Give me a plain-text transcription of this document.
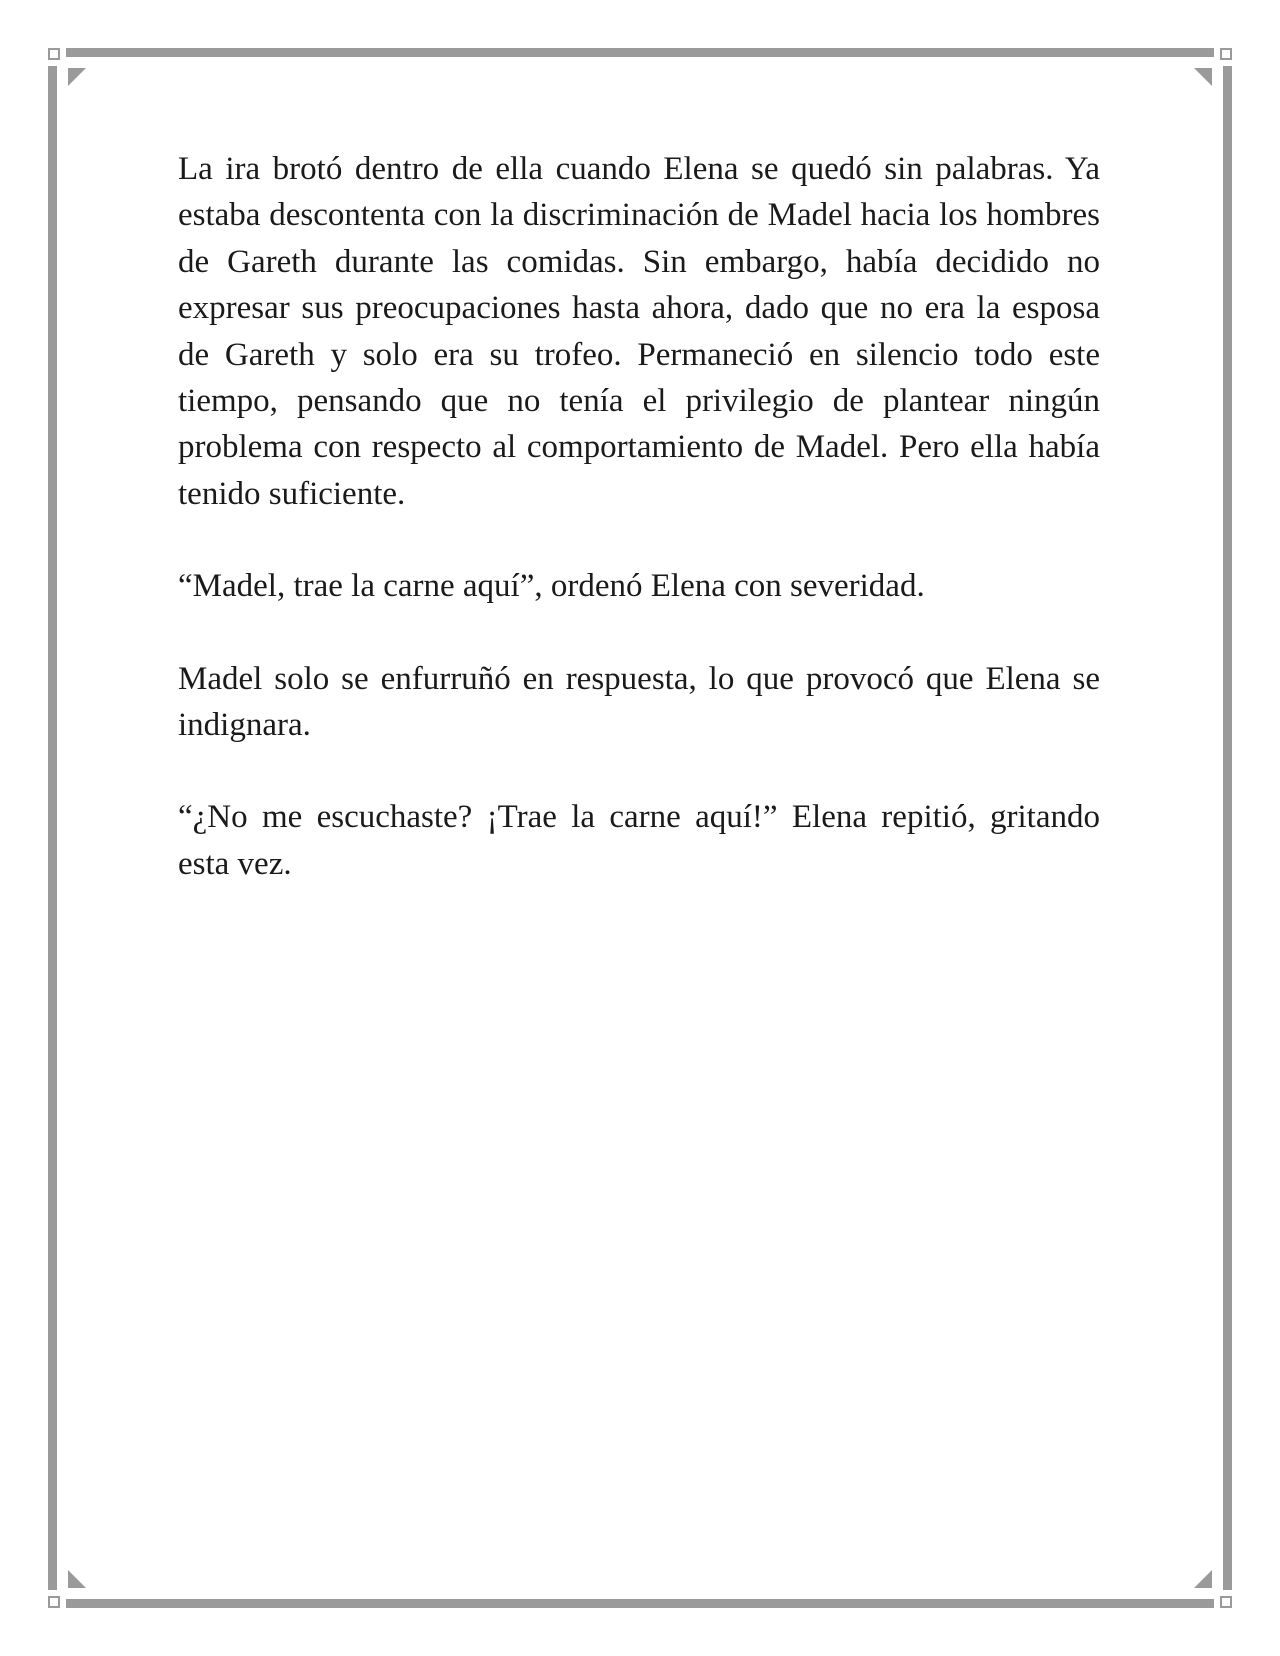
La ira brotó dentro de ella cuando Elena se quedó sin palabras. Ya estaba descontenta con la discriminación de Madel hacia los hombres de Gareth durante las comidas. Sin embargo, había decidido no expresar sus preocupaciones hasta ahora, dado que no era la esposa de Gareth y solo era su trofeo. Permaneció en silencio todo este tiempo, pensando que no tenía el privilegio de plantear ningún problema con respecto al comportamiento de Madel. Pero ella había tenido suficiente.

“Madel, trae la carne aquí”, ordenó Elena con severidad.

Madel solo se enfurruñó en respuesta, lo que provocó que Elena se indignara.

“¿No me escuchaste? ¡Trae la carne aquí!” Elena repitió, gritando esta vez.
